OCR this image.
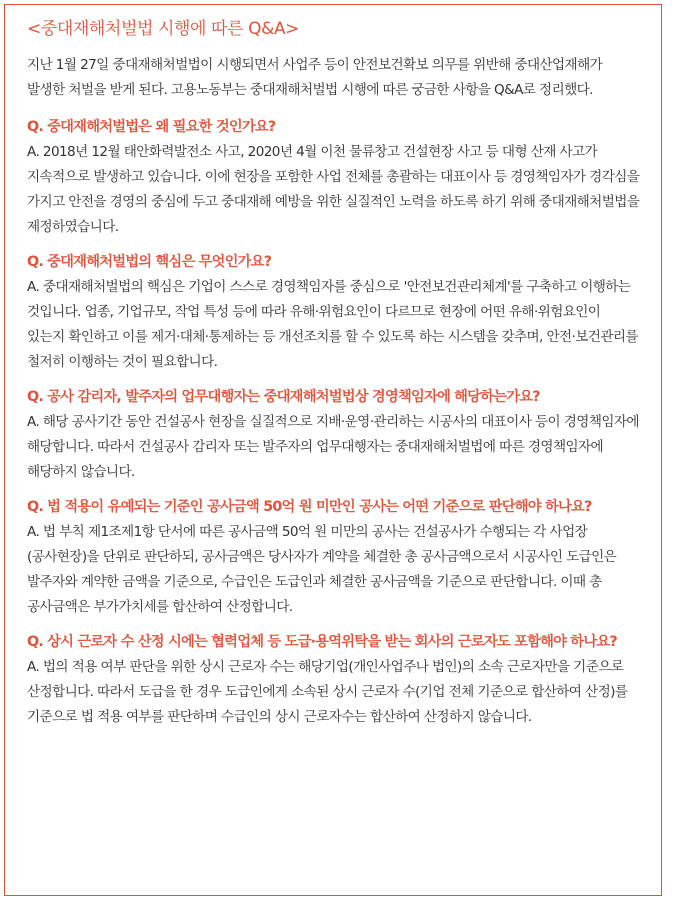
<중대재해처벌법 시행에 따른 Q&A>

지난 1월 27일 중대재해처벌법이 시행되면서 사업주 등이 안전보건확보 의무를 위반해 중대산업재해가 발생한 처벌을 받게 된다. 고용노동부는 중대재해처벌법 시행에 따른 궁금한 사항을 Q&A로 정리했다.

Q. 중대재해처벌법은 왜 필요한 것인가요?

A. 2018년 12월 태안화력발전소 사고, 2020년 4월 이천 물류창고 건설현장 사고 등 대형 산재 사고가 지속적으로 발생하고 있습니다. 이에 현장을 포함한 사업 전체를 총괄하는 대표이사 등 경영책임자가 경각심을 가지고 안전을 경영의 중심에 두고 중대재해 예방을 위한 실질적인 노력을 하도록 하기 위해 중대재해처벌법을 제정하였습니다.

Q. 중대재해처벌법의 핵심은 무엇인가요?

A. 중대재해처벌법의 핵심은 기업이 스스로 경영책임자를 중심으로 '안전보건관리체계'를 구축하고 이행하는 것입니다. 업종, 기업규모, 작업 특성 등에 따라 유해·위험요인이 다르므로 현장에 어떤 유해·위험요인이 있는지 확인하고 이를 제거·대체·통제하는 등 개선조치를 할 수 있도록 하는 시스템을 갖추며, 안전·보건관리를 철저히 이행하는 것이 필요합니다.

Q. 공사 감리자, 발주자의 업무대행자는 중대재해처벌법상 경영책임자에 해당하는가요?

A. 해당 공사기간 동안 건설공사 현장을 실질적으로 지배·운영·관리하는 시공사의 대표이사 등이 경영책임자에 해당합니다. 따라서 건설공사 감리자 또는 발주자의 업무대행자는 중대재해처벌법에 따른 경영책임자에 해당하지 않습니다.

Q. 법 적용이 유예되는 기준인 공사금액 50억 원 미만인 공사는 어떤 기준으로 판단해야 하나요?

A. 법 부칙 제1조제1항 단서에 따른 공사금액 50억 원 미만의 공사는 건설공사가 수행되는 각 사업장(공사현장)을 단위로 판단하되, 공사금액은 당사자가 계약을 체결한 총 공사금액으로서 시공사인 도급인은 발주자와 계약한 금액을 기준으로, 수급인은 도급인과 체결한 공사금액을 기준으로 판단합니다. 이때 총 공사금액은 부가가치세를 합산하여 산정합니다.

Q. 상시 근로자 수 산정 시에는 협력업체 등 도급·용역위탁을 받는 회사의 근로자도 포함해야 하나요?

A. 법의 적용 여부 판단을 위한 상시 근로자 수는 해당기업(개인사업주나 법인)의 소속 근로자만을 기준으로 산정합니다. 따라서 도급을 한 경우 도급인에게 소속된 상시 근로자 수(기업 전체 기준으로 합산하여 산정)를 기준으로 법 적용 여부를 판단하며 수급인의 상시 근로자수는 합산하여 산정하지 않습니다.
